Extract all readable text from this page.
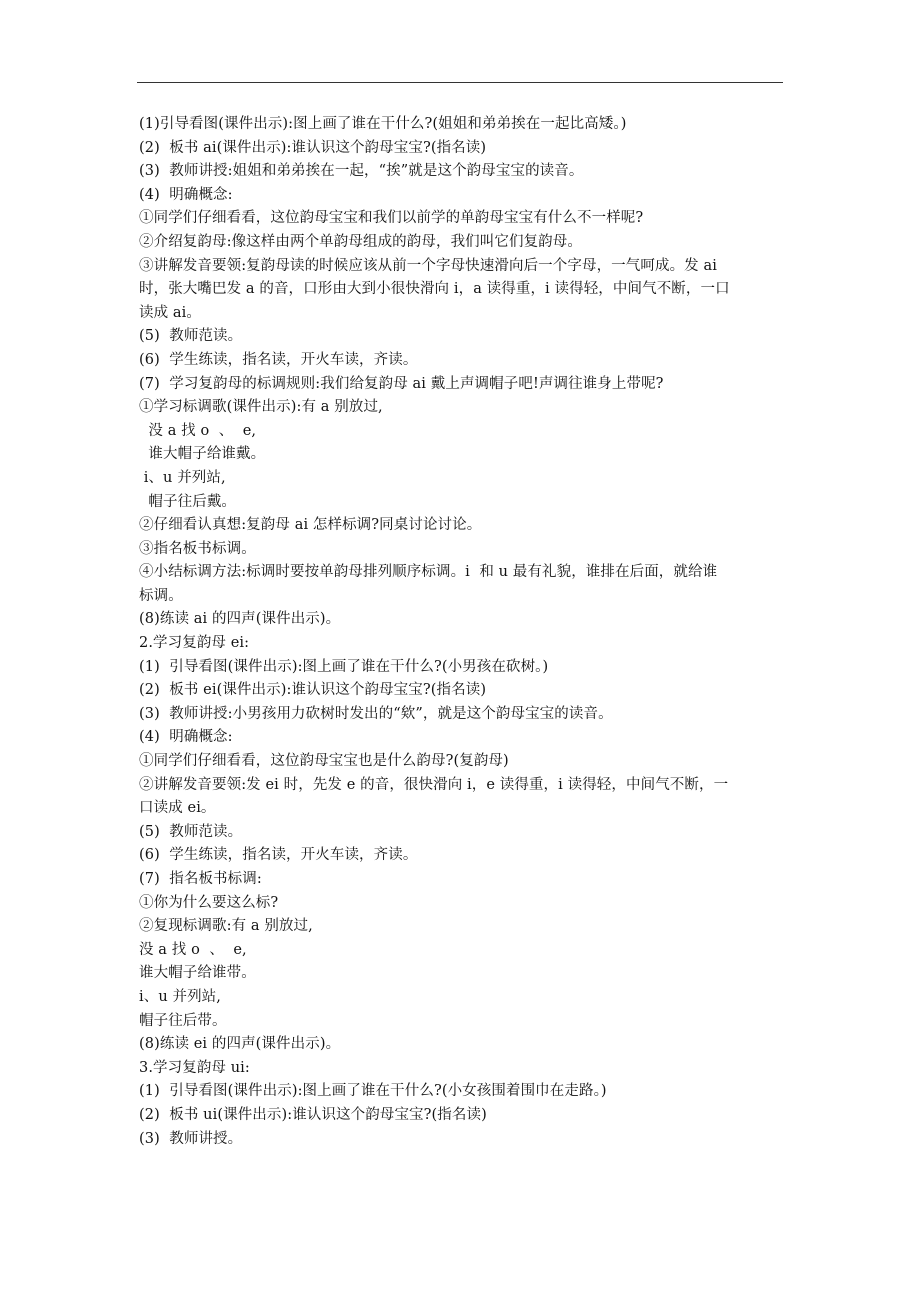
(1)引导看图(课件出示):图上画了谁在干什么?(姐姐和弟弟挨在一起比高矮。)
(2)  板书 ai(课件出示):谁认识这个韵母宝宝?(指名读)
(3)  教师讲授:姐姐和弟弟挨在一起，“挨”就是这个韵母宝宝的读音。
(4)  明确概念:
①同学们仔细看看，这位韵母宝宝和我们以前学的单韵母宝宝有什么不一样呢?
②介绍复韵母:像这样由两个单韵母组成的韵母，我们叫它们复韵母。
③讲解发音要领:复韵母读的时候应该从前一个字母快速滑向后一个字母，一气呵成。发 ai
时，张大嘴巴发 a 的音，口形由大到小很快滑向 i，a 读得重，i 读得轻，中间气不断，一口
读成 ai。
(5)  教师范读。
(6)  学生练读，指名读，开火车读，齐读。
(7)  学习复韵母的标调规则:我们给复韵母 ai 戴上声调帽子吧!声调往谁身上带呢?
①学习标调歌(课件出示):有 a 别放过,
没 a 找 o  、  e,
谁大帽子给谁戴。
i、u 并列站,
帽子往后戴。
②仔细看认真想:复韵母 ai 怎样标调?同桌讨论讨论。
③指名板书标调。
④小结标调方法:标调时要按单韵母排列顺序标调。i  和 u 最有礼貌，谁排在后面，就给谁
标调。
(8)练读 ai 的四声(课件出示)。
2.学习复韵母 ei:
(1)  引导看图(课件出示):图上画了谁在干什么?(小男孩在砍树。)
(2)  板书 ei(课件出示):谁认识这个韵母宝宝?(指名读)
(3)  教师讲授:小男孩用力砍树时发出的“欸”，就是这个韵母宝宝的读音。
(4)  明确概念:
①同学们仔细看看，这位韵母宝宝也是什么韵母?(复韵母)
②讲解发音要领:发 ei 时，先发 e 的音，很快滑向 i，e 读得重，i 读得轻，中间气不断，一
口读成 ei。
(5)  教师范读。
(6)  学生练读，指名读，开火车读，齐读。
(7)  指名板书标调:
①你为什么要这么标?
②复现标调歌:有 a 别放过,
没 a 找 o  、  e,
谁大帽子给谁带。
i、u 并列站,
帽子往后带。
(8)练读 ei 的四声(课件出示)。
3.学习复韵母 ui:
(1)  引导看图(课件出示):图上画了谁在干什么?(小女孩围着围巾在走路。)
(2)  板书 ui(课件出示):谁认识这个韵母宝宝?(指名读)
(3)  教师讲授。
